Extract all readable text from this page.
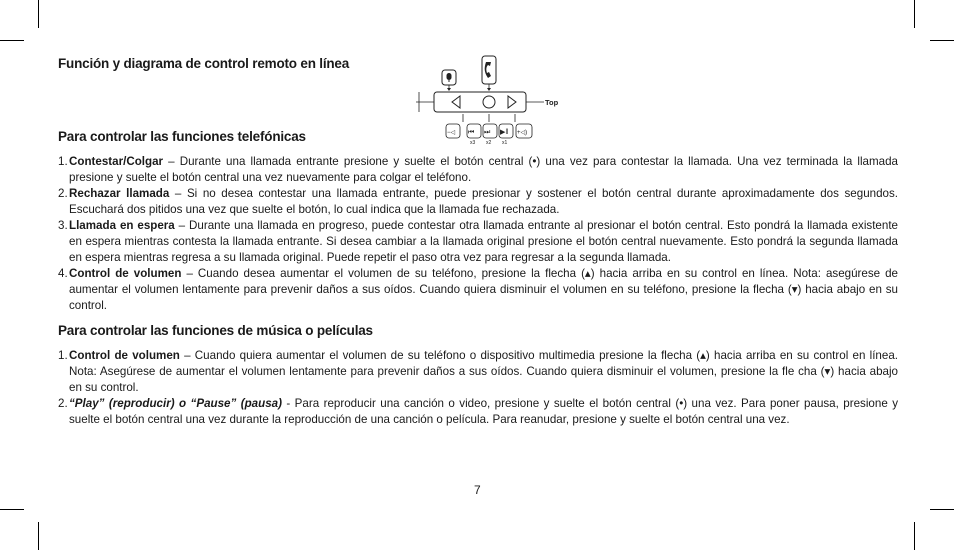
Función y diagrama de control remoto en línea
Top
−◁ ⏮ ⏭ ▶‖ +◁)
x3 x2 x1
Para controlar las funciones telefónicas
1. Contestar/Colgar – Durante una llamada entrante presione y suelte el botón central (•) una vez para contestar la llamada. Una vez terminada la llamada presione y suelte el botón central una vez nuevamente para colgar el teléfono.
2. Rechazar llamada – Si no desea contestar una llamada entrante, puede presionar y sostener el botón central durante aproximadamente dos segundos. Escuchará dos pitidos una vez que suelte el botón, lo cual indica que la llamada fue rechazada.
3. Llamada en espera – Durante una llamada en progreso, puede contestar otra llamada entrante al presionar el botón central. Esto pondrá la llamada existente en espera mientras contesta la llamada entrante. Si desea cambiar a la llamada original presione el botón central nuevamente. Esto pondrá la segunda llamada en espera mientras regresa a su llamada original. Puede repetir el paso otra vez para regresar a la segunda llamada.
4. Control de volumen – Cuando desea aumentar el volumen de su teléfono, presione la flecha (▴) hacia arriba en su control en línea. Nota: asegúrese de aumentar el volumen lentamente para prevenir daños a sus oídos. Cuando quiera disminuir el volumen en su teléfono, presione la flecha (▾) hacia abajo en su control.
Para controlar las funciones de música o películas
1. Control de volumen – Cuando quiera aumentar el volumen de su teléfono o dispositivo multimedia presione la flecha (▴) hacia arriba en su control en línea. Nota: Asegúrese de aumentar el volumen lentamente para prevenir daños a sus oídos. Cuando quiera disminuir el volumen, presione la fle cha (▾) hacia abajo en su control.
2. “Play” (reproducir) o “Pause” (pausa) - Para reproducir una canción o video, presione y suelte el botón central (•) una vez. Para poner pausa, presione y suelte el botón central una vez durante la reproducción de una canción o película. Para reanudar, presione y suelte el botón central una vez.
7
